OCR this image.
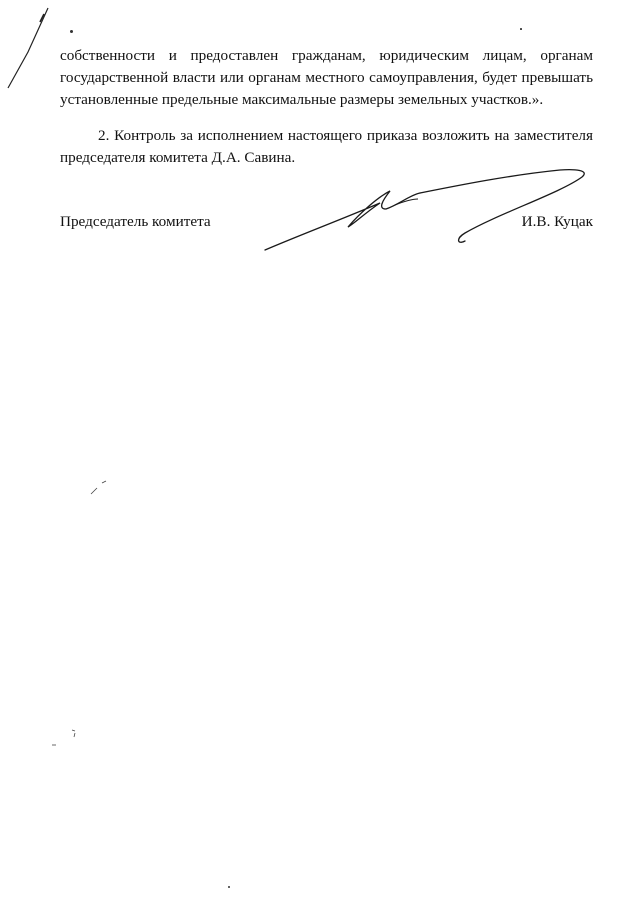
собственности и предоставлен гражданам, юридическим лицам, органам государственной власти или органам местного самоуправления, будет превышать установленные предельные максимальные размеры земельных участков.».

2. Контроль за исполнением настоящего приказа возложить на заместителя председателя комитета Д.А. Савина.

Председатель комитета	И.В. Куцак
